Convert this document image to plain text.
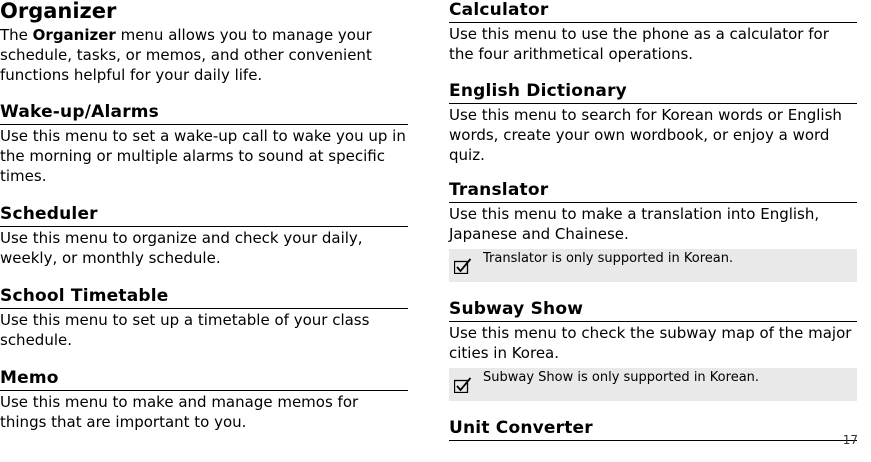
Organizer

The Organizer menu allows you to manage your schedule, tasks, or memos, and other convenient functions helpful for your daily life.

Wake-up/Alarms

Use this menu to set a wake-up call to wake you up in the morning or multiple alarms to sound at specific times.

Scheduler

Use this menu to organize and check your daily, weekly, or monthly schedule.

School Timetable

Use this menu to set up a timetable of your class schedule.

Memo

Use this menu to make and manage memos for things that are important to you.

Calculator

Use this menu to use the phone as a calculator for the four arithmetical operations.

English Dictionary

Use this menu to search for Korean words or English words, create your own wordbook, or enjoy a word quiz.

Translator

Use this menu to make a translation into English, Japanese and Chainese.

Translator is only supported in Korean.
Subway Show

Use this menu to check the subway map of the major cities in Korea.

Subway Show is only supported in Korean.
Unit Converter
17
